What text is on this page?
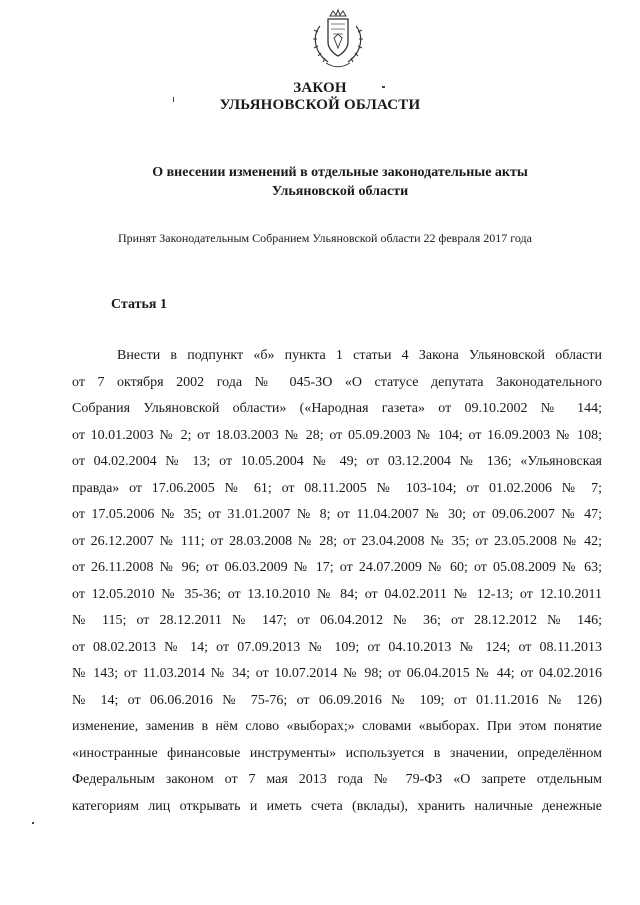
ЗАКОН
УЛЬЯНОВСКОЙ ОБЛАСТИ
О внесении изменений в отдельные законодательные акты
Ульяновской области
Принят Законодательным Собранием Ульяновской области 22 февраля 2017 года
Статья 1
Внести в подпункт «б» пункта 1 статьи 4 Закона Ульяновской области
от 7 октября 2002 года № 045-ЗО «О статусе депутата Законодательного
Собрания Ульяновской области» («Народная газета» от 09.10.2002 № 144;
от 10.01.2003 № 2; от 18.03.2003 № 28; от 05.09.2003 № 104; от 16.09.2003 № 108;
от 04.02.2004 № 13; от 10.05.2004 № 49; от 03.12.2004 № 136; «Ульяновская
правда» от 17.06.2005 № 61; от 08.11.2005 № 103-104; от 01.02.2006 № 7;
от 17.05.2006 № 35; от 31.01.2007 № 8; от 11.04.2007 № 30; от 09.06.2007 № 47;
от 26.12.2007 № 111; от 28.03.2008 № 28; от 23.04.2008 № 35; от 23.05.2008 № 42;
от 26.11.2008 № 96; от 06.03.2009 № 17; от 24.07.2009 № 60; от 05.08.2009 № 63;
от 12.05.2010 № 35-36; от 13.10.2010 № 84; от 04.02.2011 № 12-13; от 12.10.2011
№ 115; от 28.12.2011 № 147; от 06.04.2012 № 36; от 28.12.2012 № 146;
от 08.02.2013 № 14; от 07.09.2013 № 109; от 04.10.2013 № 124; от 08.11.2013
№ 143; от 11.03.2014 № 34; от 10.07.2014 № 98; от 06.04.2015 № 44; от 04.02.2016
№ 14; от 06.06.2016 № 75-76; от 06.09.2016 № 109; от 01.11.2016 № 126)
изменение, заменив в нём слово «выборах;» словами «выборах. При этом понятие
«иностранные финансовые инструменты» используется в значении, определённом
Федеральным законом от 7 мая 2013 года № 79-ФЗ «О запрете отдельным
категориям лиц открывать и иметь счета (вклады), хранить наличные денежные
